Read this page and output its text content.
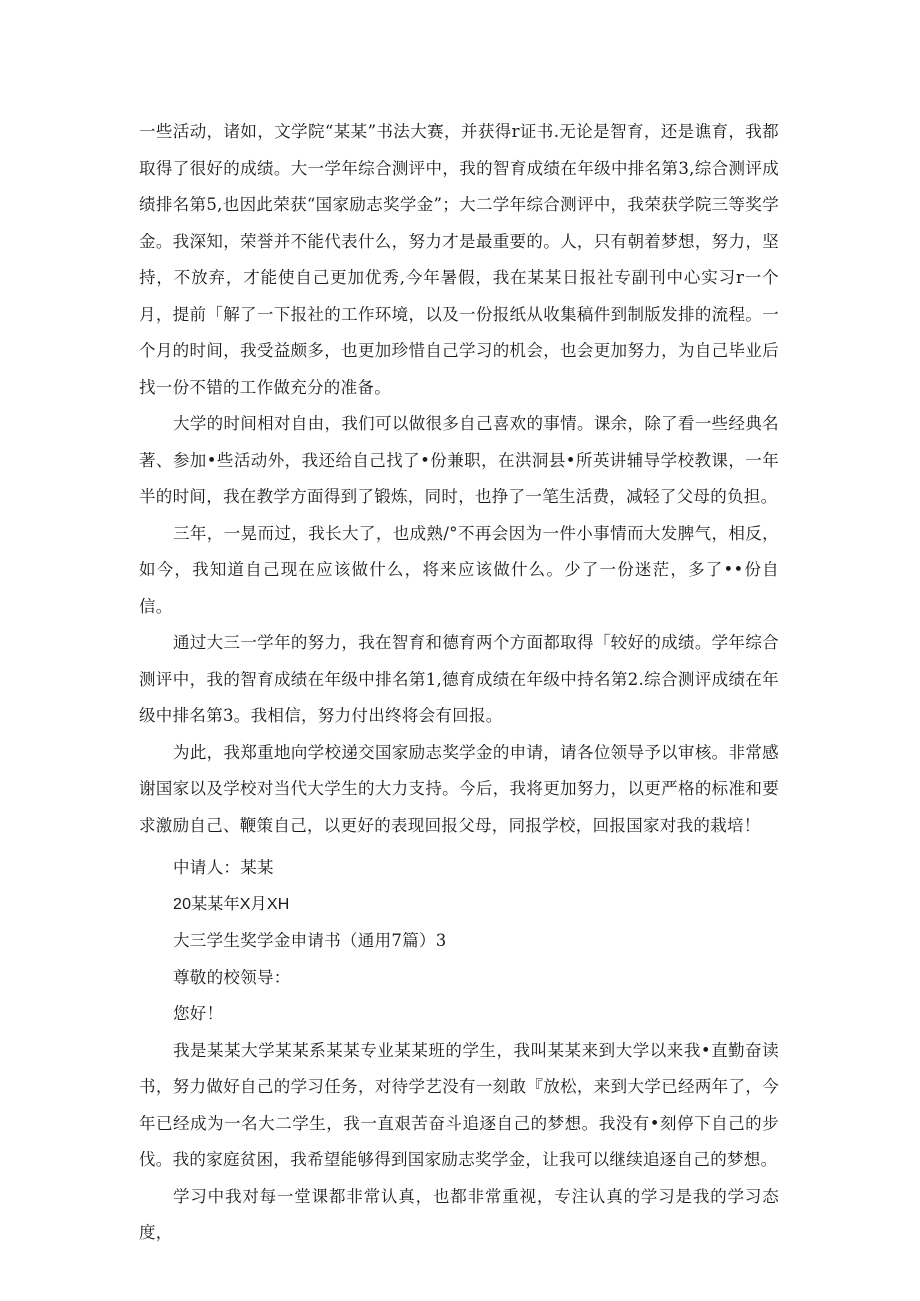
一些活动，诸如，文学院“某某”书法大赛，并获得r证书.无论是智育，还是谯育，我都取得了很好的成绩。大一学年综合测评中，我的智育成绩在年级中排名第3,综合测评成绩排名第5,也因此荣获“国家励志奖学金”；大二学年综合测评中，我荣获学院三等奖学金。我深知，荣誉并不能代表什么，努力才是最重要的。人，只有朝着梦想，努力，坚持，不放弃，才能使自己更加优秀,今年暑假，我在某某日报社专副刊中心实习r一个月，提前「解了一下报社的工作环境，以及一份报纸从收集稿件到制版发排的流程。一个月的时间，我受益颇多，也更加珍惜自己学习的机会，也会更加努力，为自己毕业后找一份不错的工作做充分的准备。

大学的时间相对自由，我们可以做很多自己喜欢的事情。课余，除了看一些经典名著、参加•些活动外，我还给自己找了•份兼职，在洪洞县•所英讲辅导学校教课，一年半的时间，我在教学方面得到了锻炼，同时，也挣了一笔生活费，减轻了父母的负担。

三年，一晃而过，我长大了，也成熟/°不再会因为一件小事情而大发脾气，相反，如今，我知道自己现在应该做什么，将来应该做什么。少了一份迷茫，多了••份自信。

通过大三一学年的努力，我在智育和德育两个方面都取得「较好的成绩。学年综合测评中，我的智育成绩在年级中排名第1,德育成绩在年级中持名第2.综合测评成绩在年级中排名第3。我相信，努力付出终将会有回报。

为此，我郑重地向学校递交国家励志奖学金的申请，请各位领导予以审核。非常感谢国家以及学校对当代大学生的大力支持。今后，我将更加努力，以更严格的标准和要求激励自己、鞭策自己，以更好的表现回报父母，同报学校，回报国家对我的栽培！

中请人：某某

20某某年X月XH

大三学生奖学金申请书（通用7篇）3

尊敬的校领导：

您好！

我是某某大学某某系某某专业某某班的学生，我叫某某来到大学以来我•直勤奋读书，努力做好自己的学习任务，对待学艺没有一刻敢『放松，来到大学已经两年了，今年已经成为一名大二学生，我一直艰苦奋斗追逐自己的梦想。我没有•刻停下自己的步伐。我的家庭贫困，我希望能够得到国家励志奖学金，让我可以继续追逐自己的梦想。

学习中我对每一堂课都非常认真，也都非常重视，专注认真的学习是我的学习态度，
